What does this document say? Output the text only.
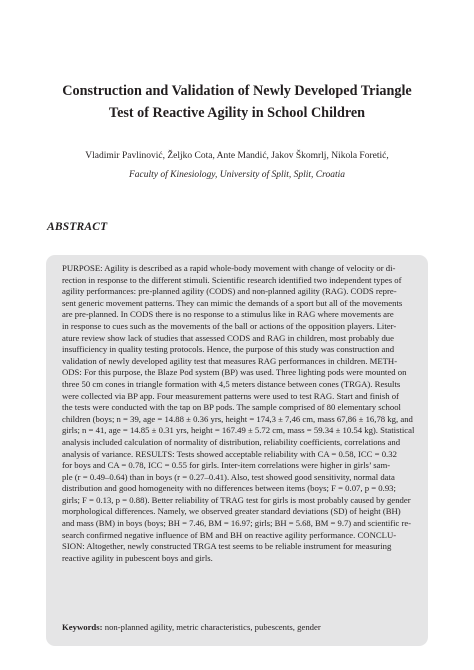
Construction and Validation of Newly Developed Triangle
Test of Reactive Agility in School Children
Vladimir Pavlinović, Željko Cota, Ante Mandić, Jakov Škomrlj, Nikola Foretić,
Faculty of Kinesiology, University of Split, Split, Croatia
ABSTRACT
PURPOSE: Agility is described as a rapid whole-body movement with change of velocity or di-
rection in response to the different stimuli. Scientific research identified two independent types of
agility performances: pre-planned agility (CODS) and non-planned agility (RAG). CODS repre-
sent generic movement patterns. They can mimic the demands of a sport but all of the movements
are pre-planned. In CODS there is no response to a stimulus like in RAG where movements are
in response to cues such as the movements of the ball or actions of the opposition players. Liter-
ature review show lack of studies that assessed CODS and RAG in children, most probably due
insufficiency in quality testing protocols. Hence, the purpose of this study was construction and
validation of newly developed agility test that measures RAG performances in children. METH-
ODS: For this purpose, the Blaze Pod system (BP) was used. Three lighting pods were mounted on
three 50 cm cones in triangle formation with 4,5 meters distance between cones (TRGA). Results
were collected via BP app. Four measurement patterns were used to test RAG. Start and finish of
the tests were conducted with the tap on BP pods. The sample comprised of 80 elementary school
children (boys; n = 39, age = 14.88 ± 0.36 yrs, height = 174,3 ± 7,46 cm, mass 67,86 ± 16,78 kg, and
girls; n = 41, age = 14.85 ± 0.31 yrs, height = 167.49 ± 5.72 cm, mass = 59.34 ± 10.54 kg). Statistical
analysis included calculation of normality of distribution, reliability coefficients, correlations and
analysis of variance. RESULTS: Tests showed acceptable reliability with CA = 0.58, ICC = 0.32
for boys and CA = 0.78, ICC = 0.55 for girls. Inter-item correlations were higher in girls’ sam-
ple (r = 0.49–0.64) than in boys (r = 0.27–0.41). Also, test showed good sensitivity, normal data
distribution and good homogeneity with no differences between items (boys; F = 0.07, p = 0.93;
girls; F = 0.13, p = 0.88). Better reliability of TRAG test for girls is most probably caused by gender
morphological differences. Namely, we observed greater standard deviations (SD) of height (BH)
and mass (BM) in boys (boys; BH = 7.46, BM = 16.97; girls; BH = 5.68, BM = 9.7) and scientific re-
search confirmed negative influence of BM and BH on reactive agility performance. CONCLU-
SION: Altogether, newly constructed TRGA test seems to be reliable instrument for measuring
reactive agility in pubescent boys and girls.
Keywords: non-planned agility, metric characteristics, pubescents, gender
